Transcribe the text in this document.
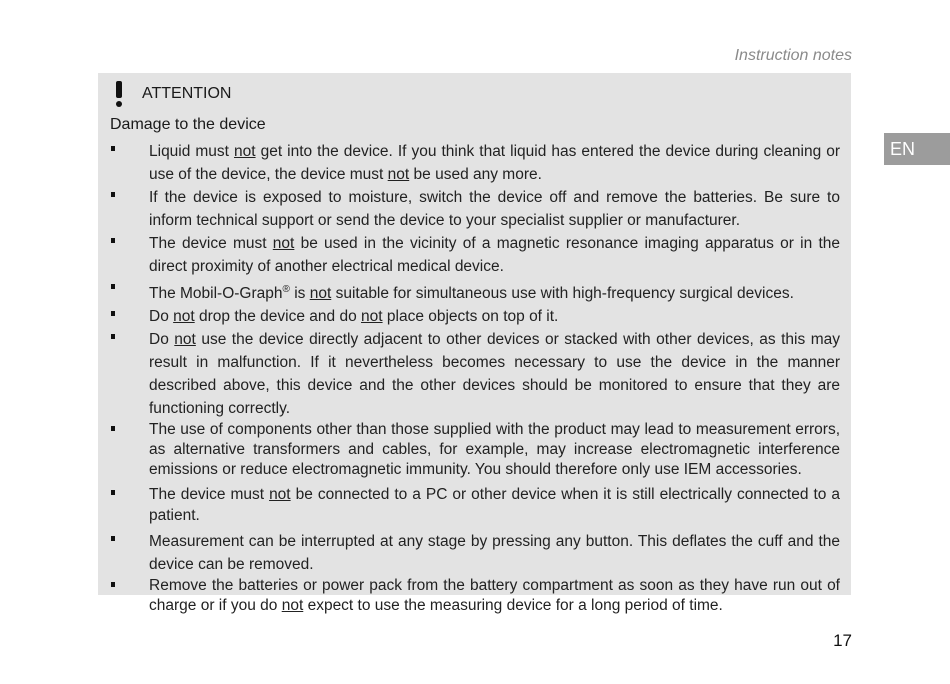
Instruction notes
EN
ATTENTION
Damage to the device
Liquid must not get into the device. If you think that liquid has entered the device during cleaning or use of the device, the device must not be used any more.
If the device is exposed to moisture, switch the device off and remove the batteries. Be sure to inform technical support or send the device to your specialist supplier or manufacturer.
The device must not be used in the vicinity of a magnetic resonance imaging apparatus or in the direct proximity of another electrical medical device.
The Mobil-O-Graph® is not suitable for simultaneous use with high-frequency surgical devices.
Do not drop the device and do not place objects on top of it.
Do not use the device directly adjacent to other devices or stacked with other devices, as this may result in malfunction. If it nevertheless becomes necessary to use the device in the manner described above, this device and the other devices should be monitored to ensure that they are functioning correctly.
The use of components other than those supplied with the product may lead to measurement errors, as alternative transformers and cables, for example, may increase electromagnetic interference emissions or reduce electromagnetic immunity. You should therefore only use IEM accessories.
The device must not be connected to a PC or other device when it is still electrically connected to a patient.
Measurement can be interrupted at any stage by pressing any button. This deflates the cuff and the device can be removed.
Remove the batteries or power pack from the battery compartment as soon as they have run out of charge or if you do not expect to use the measuring device for a long period of time.
17
